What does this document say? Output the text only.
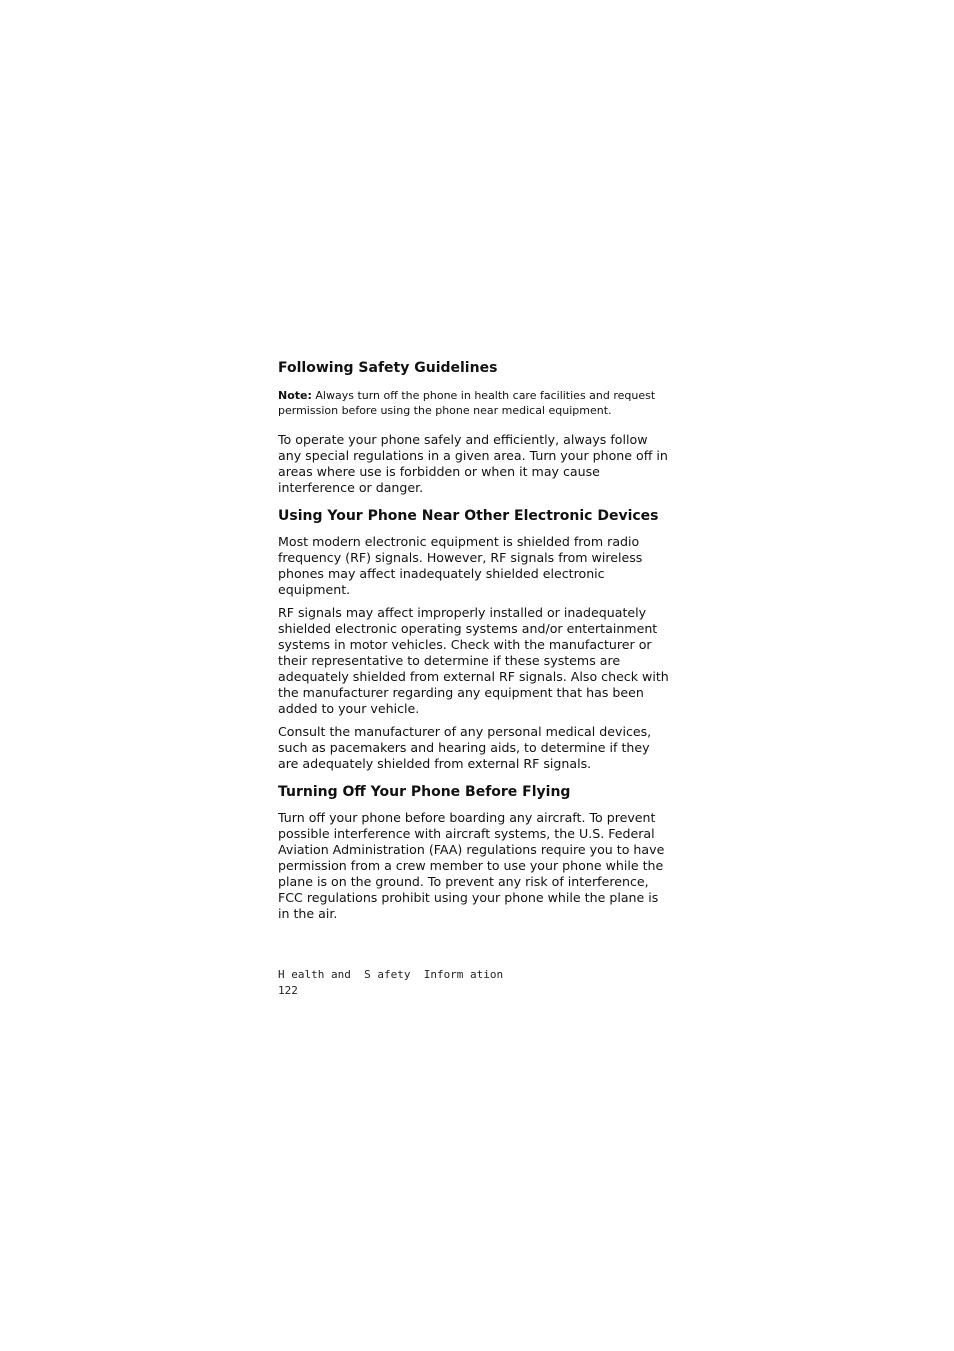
Following Safety Guidelines

Note: Always turn off the phone in health care facilities and request permission before using the phone near medical equipment.

To operate your phone safely and efficiently, always follow any special regulations in a given area. Turn your phone off in areas where use is forbidden or when it may cause interference or danger.

Using Your Phone Near Other Electronic Devices

Most modern electronic equipment is shielded from radio frequency (RF) signals. However, RF signals from wireless phones may affect inadequately shielded electronic equipment.

RF signals may affect improperly installed or inadequately shielded electronic operating systems and/or entertainment systems in motor vehicles. Check with the manufacturer or their representative to determine if these systems are adequately shielded from external RF signals. Also check with the manufacturer regarding any equipment that has been added to your vehicle.

Consult the manufacturer of any personal medical devices, such as pacemakers and hearing aids, to determine if they are adequately shielded from external RF signals.

Turning Off Your Phone Before Flying

Turn off your phone before boarding any aircraft. To prevent possible interference with aircraft systems, the U.S. Federal Aviation Administration (FAA) regulations require you to have permission from a crew member to use your phone while the plane is on the ground. To prevent any risk of interference, FCC regulations prohibit using your phone while the plane is in the air.

H ealth and  S afety  Inform ation
122
